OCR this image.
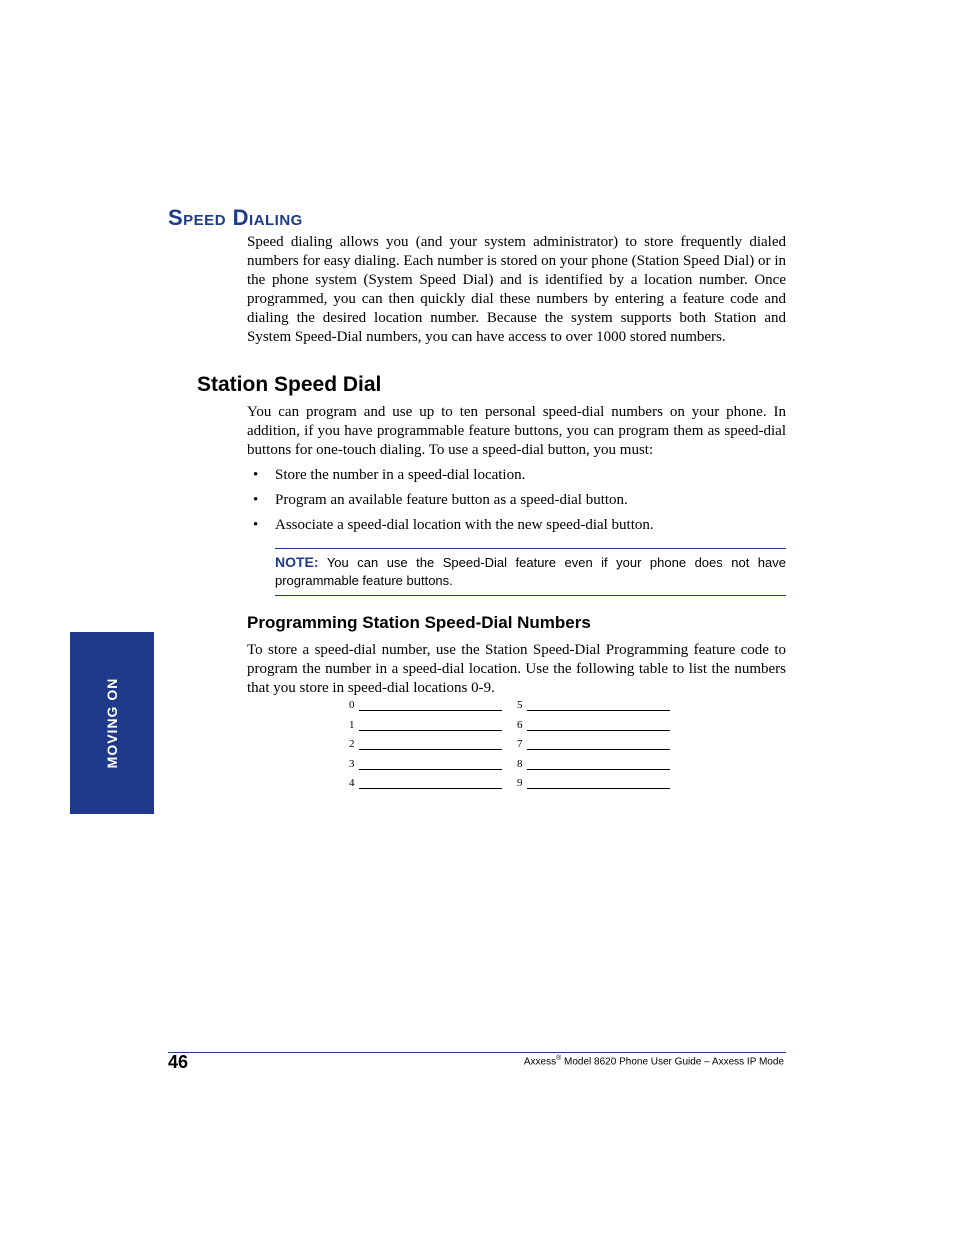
MOVING ON
Speed Dialing

Speed dialing allows you (and your system administrator) to store frequently dialed numbers for easy dialing. Each number is stored on your phone (Station Speed Dial) or in the phone system (System Speed Dial) and is identified by a location number. Once programmed, you can then quickly dial these numbers by entering a feature code and dialing the desired location number. Because the system supports both Station and System Speed-Dial numbers, you can have access to over 1000 stored numbers.

Station Speed Dial

You can program and use up to ten personal speed-dial numbers on your phone. In addition, if you have programmable feature buttons, you can program them as speed-dial buttons for one-touch dialing. To use a speed-dial button, you must:

• Store the number in a speed-dial location.
• Program an available feature button as a speed-dial button.
• Associate a speed-dial location with the new speed-dial button.
NOTE: You can use the Speed-Dial feature even if your phone does not have programmable feature buttons.
Programming Station Speed-Dial Numbers

To store a speed-dial number, use the Station Speed-Dial Programming feature code to program the number in a speed-dial location. Use the following table to list the numbers that you store in speed-dial locations 0-9.

0
1
2
3
4
5
6
7
8
9
46	Axxess® Model 8620 Phone User Guide – Axxess IP Mode
